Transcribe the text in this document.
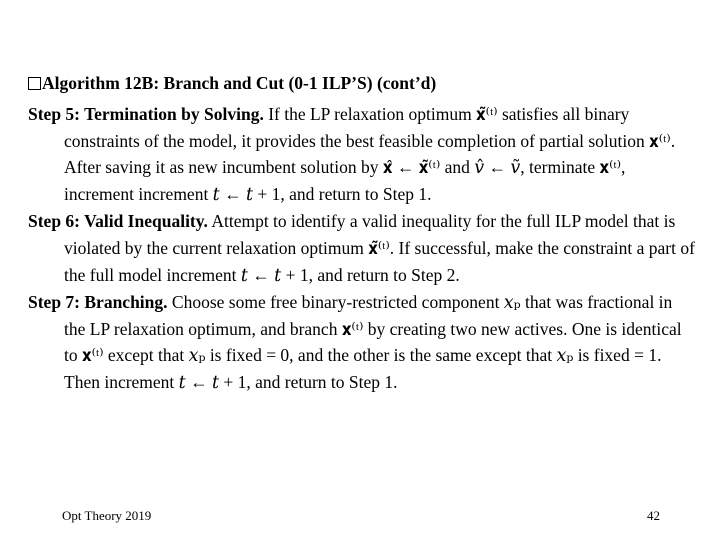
Algorithm 12B: Branch and Cut (0-1 ILP’S) (cont’d)

Step 5: Termination by Solving. If the LP relaxation optimum 𝐱̃⁽ᵗ⁾ satisfies all binary constraints of the model, it provides the best feasible completion of partial solution 𝐱⁽ᵗ⁾. After saving it as new incumbent solution by 𝐱̂ ← 𝐱̃⁽ᵗ⁾ and 𝑣̂ ← 𝑣̃, terminate 𝐱⁽ᵗ⁾, increment increment 𝑡 ← 𝑡 + 1, and return to Step 1.

Step 6: Valid Inequality. Attempt to identify a valid inequality for the full ILP model that is violated by the current relaxation optimum 𝐱̃⁽ᵗ⁾. If successful, make the constraint a part of the full model increment 𝑡 ← 𝑡 + 1, and return to Step 2.

Step 7: Branching. Choose some free binary-restricted component 𝑥ₚ that was fractional in the LP relaxation optimum, and branch 𝐱⁽ᵗ⁾ by creating two new actives. One is identical to 𝐱⁽ᵗ⁾ except that 𝑥ₚ is fixed = 0, and the other is the same except that 𝑥ₚ is fixed = 1. Then increment 𝑡 ← 𝑡 + 1, and return to Step 1.

Opt Theory 2019	42
